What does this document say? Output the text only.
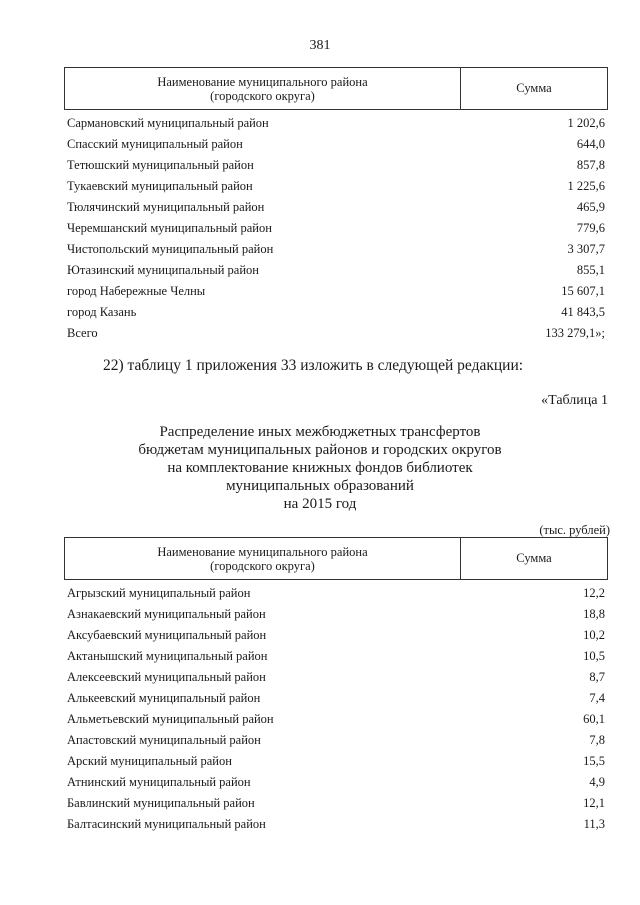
381
Наименование муниципального района
(городского округа)
Сумма
Сармановский муниципальный район	1 202,6
Спасский муниципальный район	644,0
Тетюшский муниципальный район	857,8
Тукаевский муниципальный район	1 225,6
Тюлячинский муниципальный район	465,9
Черемшанский муниципальный район	779,6
Чистопольский муниципальный район	3 307,7
Ютазинский муниципальный район	855,1
город Набережные Челны	15 607,1
город Казань	41 843,5
Всего	133 279,1»;
22) таблицу 1 приложения 33 изложить в следующей редакции:
«Таблица 1
Распределение иных межбюджетных трансфертов
бюджетам муниципальных районов и городских округов
на комплектование книжных фондов библиотек
муниципальных образований
на 2015 год
(тыс. рублей)
Наименование муниципального района
(городского округа)
Сумма
Агрызский муниципальный район	12,2
Азнакаевский муниципальный район	18,8
Аксубаевский муниципальный район	10,2
Актанышский муниципальный район	10,5
Алексеевский муниципальный район	8,7
Алькеевский муниципальный район	7,4
Альметьевский муниципальный район	60,1
Апастовский муниципальный район	7,8
Арский муниципальный район	15,5
Атнинский муниципальный район	4,9
Бавлинский муниципальный район	12,1
Балтасинский муниципальный район	11,3
